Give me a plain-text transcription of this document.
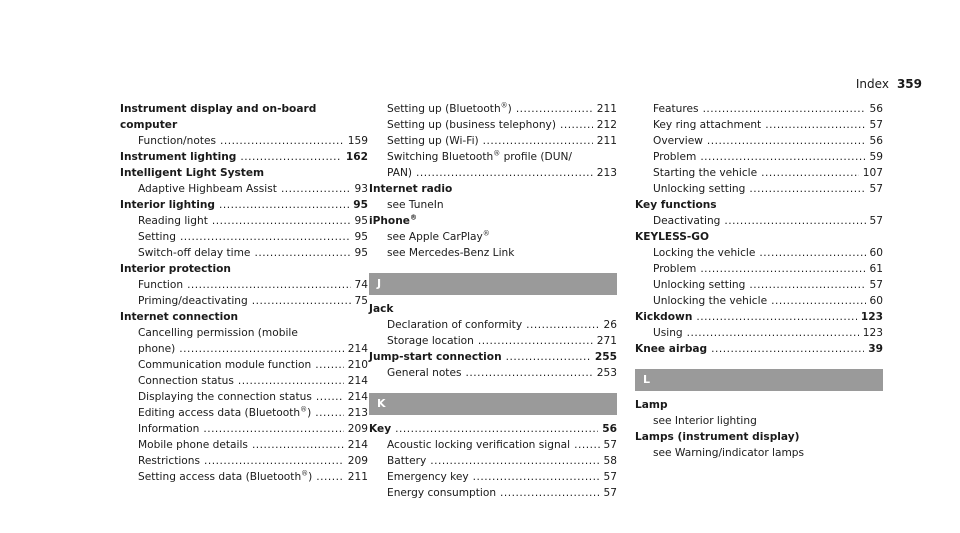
Index 359
Instrument display and on-board
computer
Function/notes .....	159
Instrument lighting .....	162
Intelligent Light System
Adaptive Highbeam Assist .....	93
Interior lighting .....	95
Reading light .....	95
Setting .....	95
Switch-off delay time .....	95
Interior protection
Function .....	74
Priming/deactivating .....	75
Internet connection
Cancelling permission (mobile
phone) .....	214
Communication module function .....	210
Connection status .....	214
Displaying the connection status .....	214
Editing access data (Bluetooth®) .....	213
Information .....	209
Mobile phone details .....	214
Restrictions .....	209
Setting access data (Bluetooth®) .....	211
Setting up (Bluetooth®) .....	211
Setting up (business telephony) .....	212
Setting up (Wi-Fi) .....	211
Switching Bluetooth® profile (DUN/
PAN) .....	213
Internet radio
see TuneIn
iPhone®
see Apple CarPlay®
see Mercedes-Benz Link
J
Jack
Declaration of conformity .....	26
Storage location .....	271
Jump-start connection .....	255
General notes .....	253
K
Key .....	56
Acoustic locking verification signal .....	57
Battery .....	58
Emergency key .....	57
Energy consumption .....	57
Features .....	56
Key ring attachment .....	57
Overview .....	56
Problem .....	59
Starting the vehicle .....	107
Unlocking setting .....	57
Key functions
Deactivating .....	57
KEYLESS-GO
Locking the vehicle .....	60
Problem .....	61
Unlocking setting .....	57
Unlocking the vehicle .....	60
Kickdown .....	123
Using .....	123
Knee airbag .....	39
L
Lamp
see Interior lighting
Lamps (instrument display)
see Warning/indicator lamps
